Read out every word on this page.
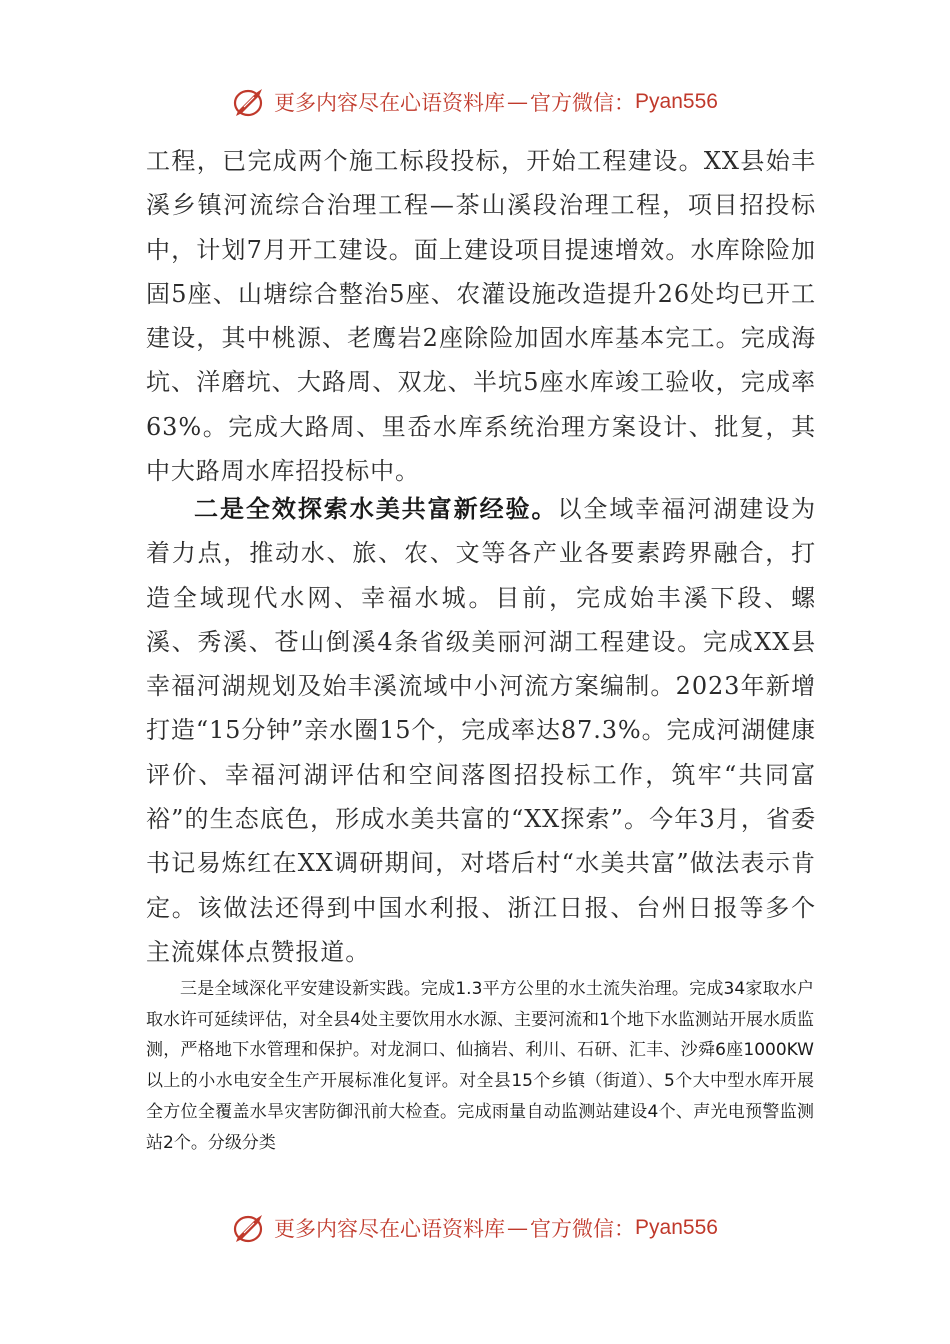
更多内容尽在心语资料库 — 官方微信： Pyan556

工程，已完成两个施工标段投标，开始工程建设。XX县始丰溪乡镇河流综合治理工程—茶山溪段治理工程，项目招投标中，计划7月开工建设。面上建设项目提速增效。水库除险加固5座、山塘综合整治5座、农灌设施改造提升26处均已开工建设，其中桃源、老鹰岩2座除险加固水库基本完工。完成海坑、洋磨坑、大路周、双龙、半坑5座水库竣工验收，完成率63%。完成大路周、里岙水库系统治理方案设计、批复，其中大路周水库招投标中。

二是全效探索水美共富新经验。以全域幸福河湖建设为着力点，推动水、旅、农、文等各产业各要素跨界融合，打造全域现代水网、幸福水城。目前，完成始丰溪下段、螺溪、秀溪、苍山倒溪4条省级美丽河湖工程建设。完成XX县幸福河湖规划及始丰溪流域中小河流方案编制。2023年新增打造“15分钟”亲水圈15个，完成率达87.3%。完成河湖健康评价、幸福河湖评估和空间落图招投标工作，筑牢“共同富裕”的生态底色，形成水美共富的“XX探索”。今年3月，省委书记易炼红在XX调研期间，对塔后村“水美共富”做法表示肯定。该做法还得到中国水利报、浙江日报、台州日报等多个主流媒体点赞报道。

三是全域深化平安建设新实践。完成1.3平方公里的水土流失治理。完成34家取水户取水许可延续评估，对全县4处主要饮用水水源、主要河流和1个地下水监测站开展水质监测，严格地下水管理和保护。对龙洞口、仙摘岩、利川、石研、汇丰、沙舜6座1000KW以上的小水电安全生产开展标准化复评。对全县15个乡镇（街道）、5个大中型水库开展全方位全覆盖水旱灾害防御汛前大检查。完成雨量自动监测站建设4个、声光电预警监测站2个。分级分类

更多内容尽在心语资料库 — 官方微信： Pyan556
